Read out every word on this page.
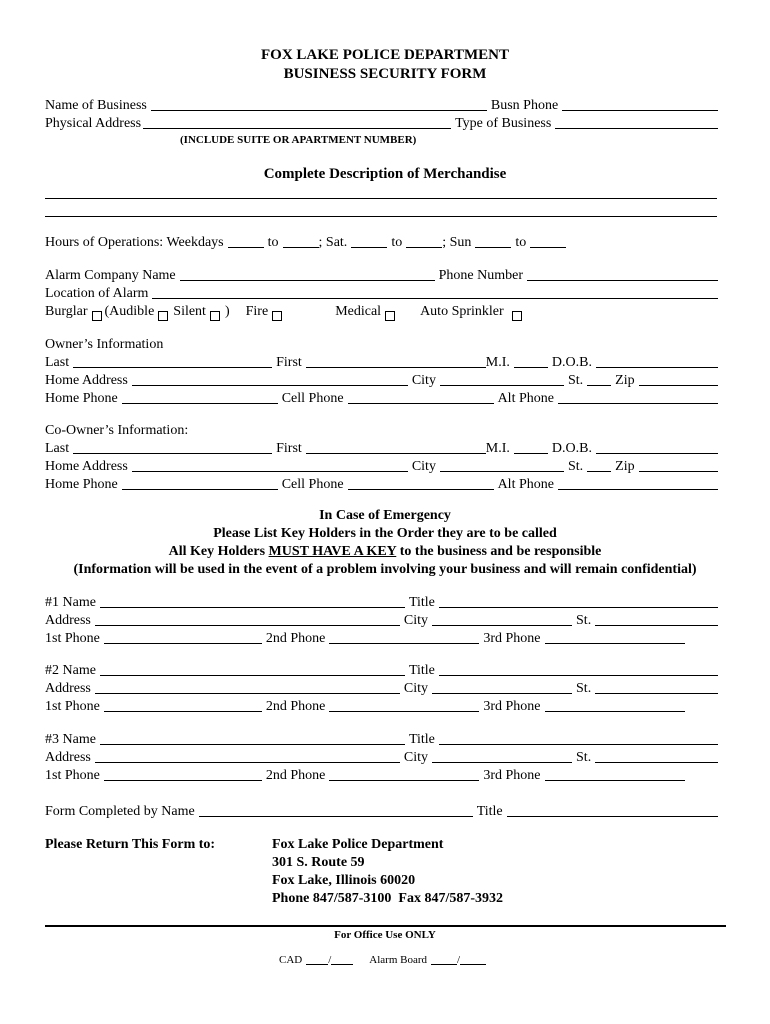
FOX LAKE POLICE DEPARTMENT
BUSINESS SECURITY FORM
Name of Business	Busn Phone
Physical Address	Type of Business
(INCLUDE SUITE OR APARTMENT NUMBER)
Complete Description of Merchandise
Hours of Operations: Weekdays	to	; Sat.	to	; Sun	to
Alarm Company Name	Phone Number
Location of Alarm
Burglar (Audible Silent ) Fire	Medical	Auto Sprinkler
Owner’s Information
Last	First	M.I.	D.O.B.
Home Address	City	St. Zip
Home Phone	Cell Phone	Alt Phone
Co-Owner’s Information:
Last	First	M.I.	D.O.B.
Home Address	City	St. Zip
Home Phone	Cell Phone	Alt Phone
In Case of Emergency
Please List Key Holders in the Order they are to be called
All Key Holders MUST HAVE A KEY to the business and be responsible
(Information will be used in the event of a problem involving your business and will remain confidential)
#1 Name	Title
Address	City	St.
1st Phone	2nd Phone	3rd Phone
#2 Name	Title
Address	City	St.
1st Phone	2nd Phone	3rd Phone
#3 Name	Title
Address	City	St.
1st Phone	2nd Phone	3rd Phone
Form Completed by Name	Title
Please Return This Form to:	Fox Lake Police Department
301 S. Route 59
Fox Lake, Illinois 60020
Phone 847/587-3100  Fax 847/587-3932
For Office Use ONLY
CAD /	Alarm Board	/
